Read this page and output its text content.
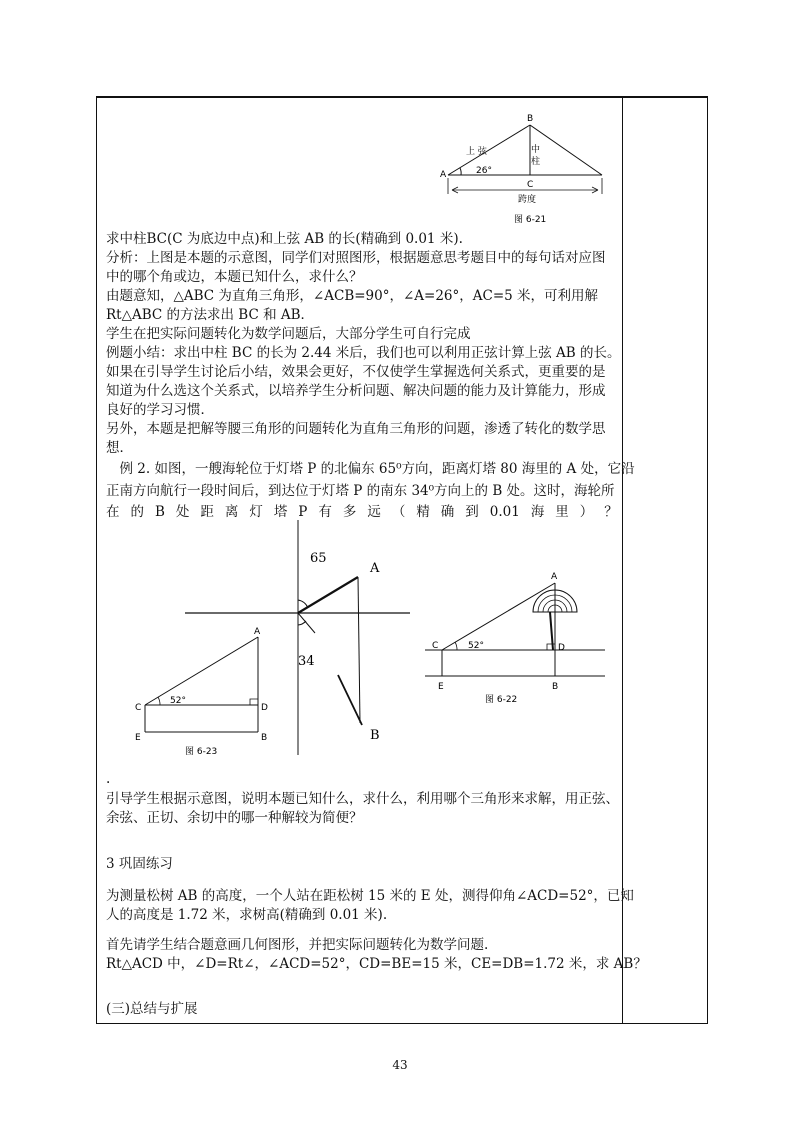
A
B
C
上 弦	中 柱
跨度
26°
图 6-21
求中柱BC(C 为底边中点)和上弦 AB 的长(精确到 0.01 米).
分析：上图是本题的示意图，同学们对照图形，根据题意思考题目中的每句话对应图
中的哪个角或边，本题已知什么，求什么？
由题意知，△ABC 为直角三角形，∠ACB=90°，∠A=26°，AC=5 米，可利用解
Rt△ABC 的方法求出 BC 和 AB．
学生在把实际问题转化为数学问题后，大部分学生可自行完成
例题小结：求出中柱 BC 的长为 2.44 米后，我们也可以利用正弦计算上弦 AB 的长。
如果在引导学生讨论后小结，效果会更好，不仅使学生掌握选何关系式，更重要的是
知道为什么选这个关系式，以培养学生分析问题、解决问题的能力及计算能力，形成
良好的学习习惯．
另外，本题是把解等腰三角形的问题转化为直角三角形的问题，渗透了转化的数学思
想．
　例 2. 如图，一艘海轮位于灯塔 P 的北偏东 65⁰方向，距离灯塔 80 海里的 A 处，它沿
正南方向航行一段时间后，到达位于灯塔 P 的南东 34⁰方向上的 B 处。这时，海轮所
在 的 B 处 距 离 灯 塔 P 有 多 远 （ 精 确 到 0.01 海 里 ） ？
A
C	D
E	B
52°
图 6-23
65
34
A
B
A
C	D
E	B
52°
图 6-22
.
引导学生根据示意图，说明本题已知什么，求什么，利用哪个三角形来求解，用正弦、
余弦、正切、余切中的哪一种解较为简便？
3 巩固练习
为测量松树 AB 的高度，一个人站在距松树 15 米的 E 处，测得仰角∠ACD=52°，已知
人的高度是 1.72 米，求树高(精确到 0.01 米).
首先请学生结合题意画几何图形，并把实际问题转化为数学问题.
Rt△ACD 中，∠D=Rt∠，∠ACD=52°，CD=BE=15 米，CE=DB=1.72 米，求 AB？
(三)总结与扩展
43
